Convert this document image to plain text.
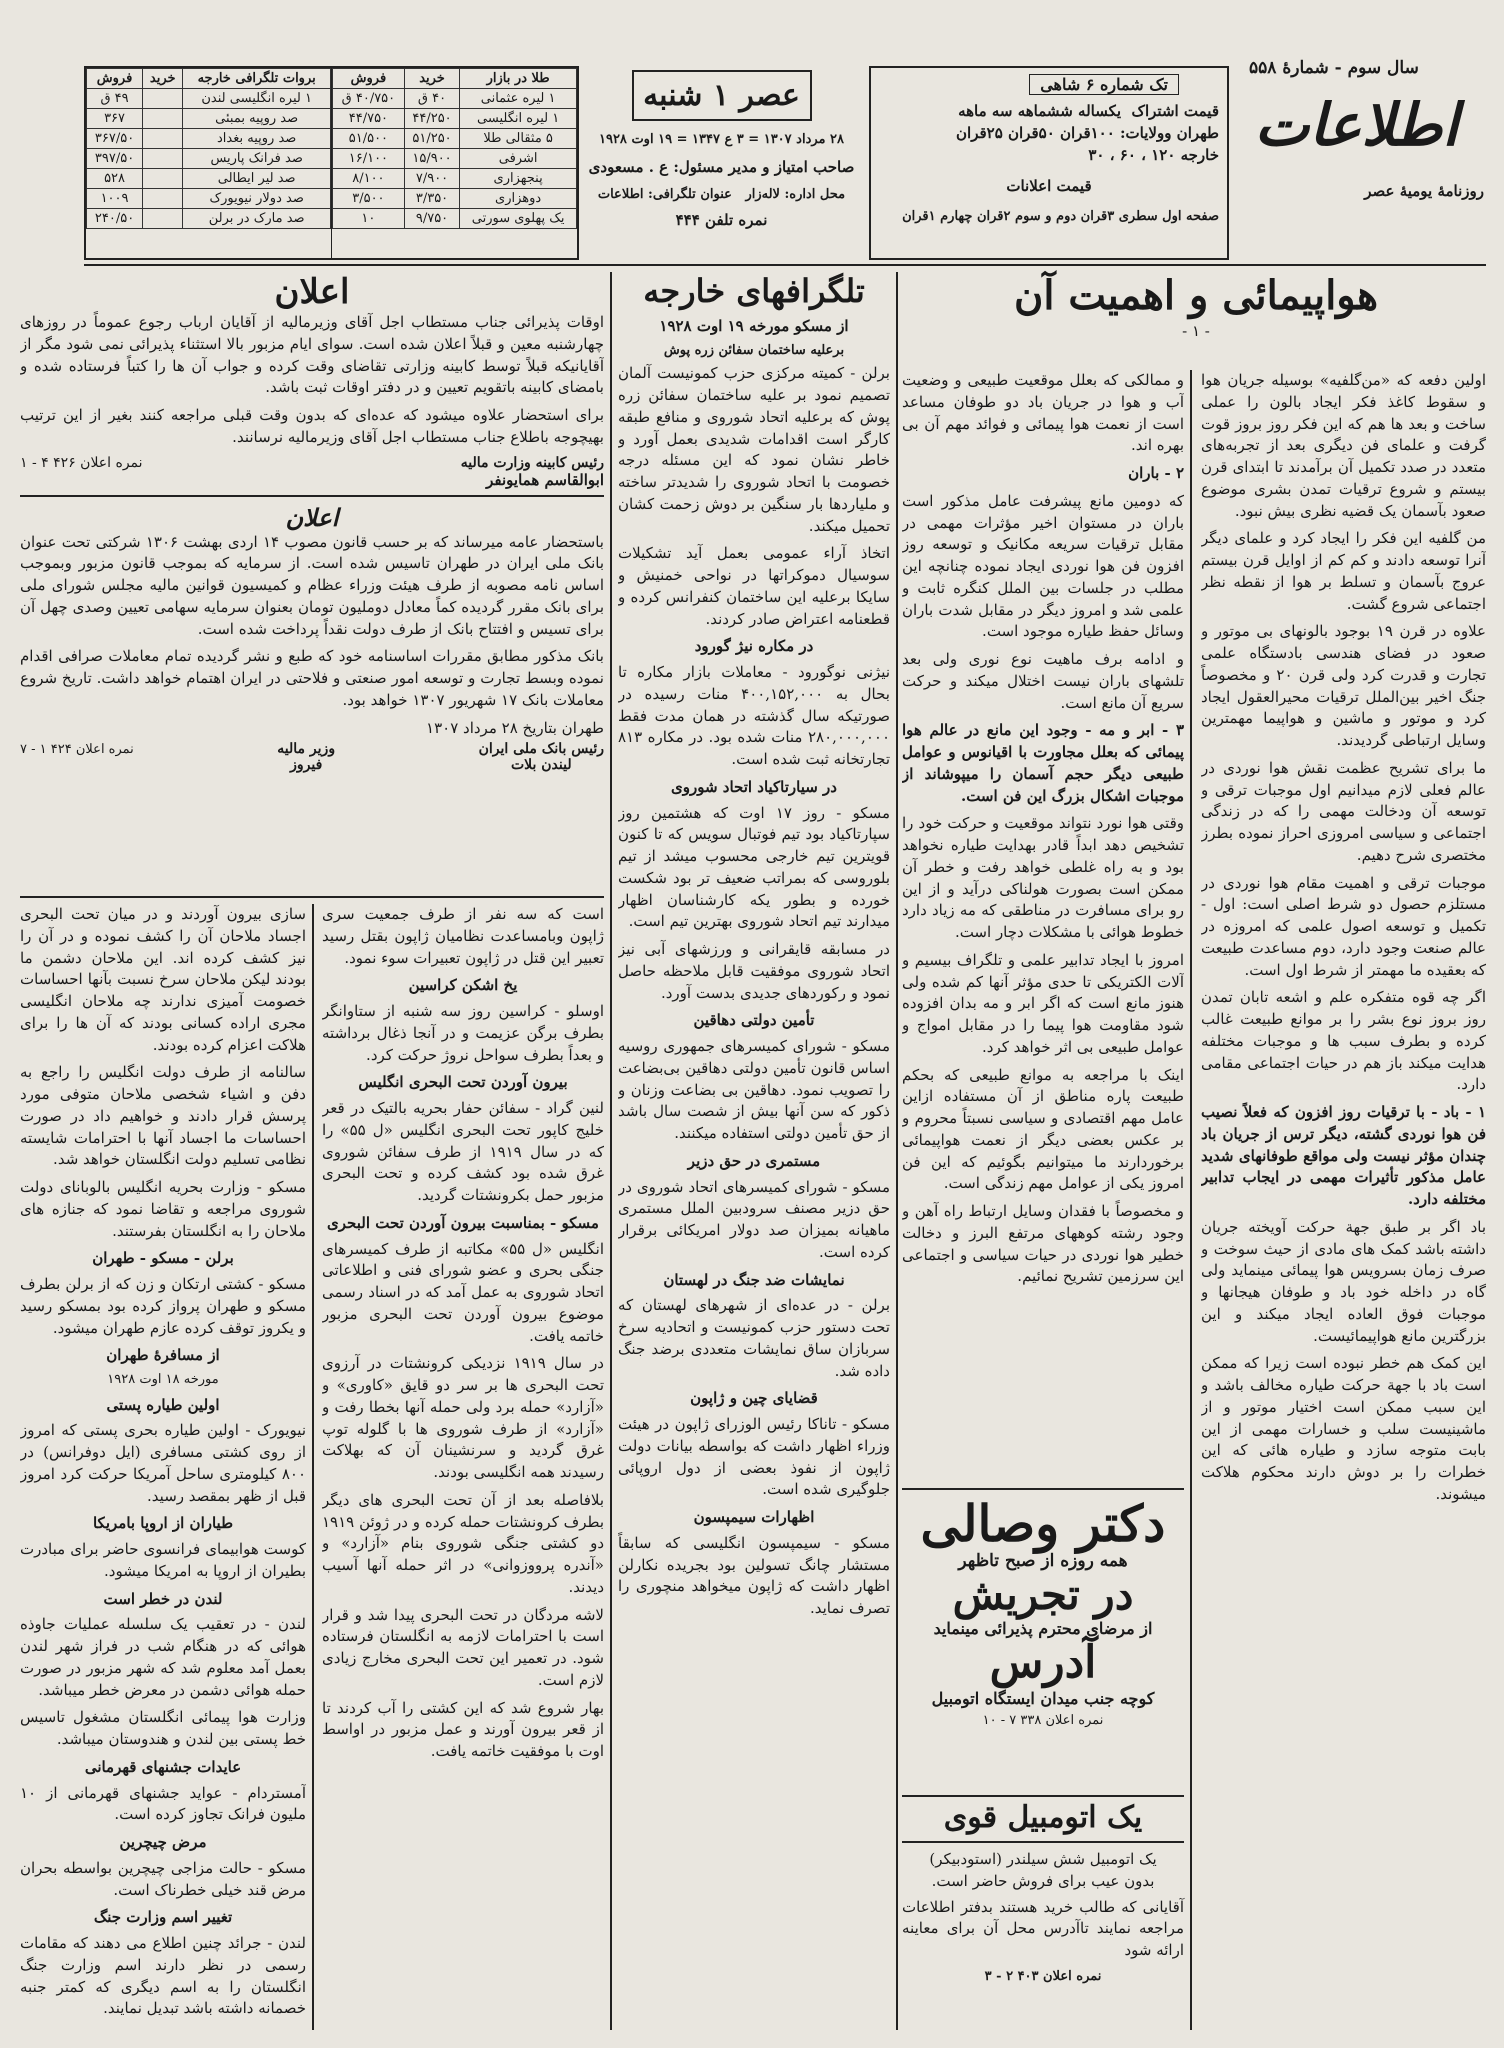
سال سوم - شمارهٔ ۵۵۸
اطلاعات
روزنامهٔ یومیهٔ عصر
تک شماره ۶ شاهی
قیمت اشتراک  یکساله ششماهه سه ماهه
طهران وولایات: ۱۰۰قران ۵۰قران ۲۵قران
خارجه ۱۲۰ ، ۶۰ ، ۳۰
قیمت اعلانات
صفحه اول سطری ۳قران دوم و سوم ۲قران چهارم ۱قران
عصر ۱ شنبه
۲۸ مرداد ۱۳۰۷ = ۳ ع ۱۳۴۷ = ۱۹ اوت ۱۹۲۸
صاحب امتیاز و مدیر مسئول: ع . مسعودی
محل اداره: لاله‌زار   عنوان تلگرافی: اطلاعات
نمره تلفن ۴۴۴
طلا در بازار	خرید	فروش
۱ لیره عثمانی	۴۰ ق	۴۰/۷۵۰ ق
۱ لیره انگلیسی	۴۴/۲۵۰	۴۴/۷۵۰
۵ مثقالی طلا	۵۱/۲۵۰	۵۱/۵۰۰
اشرفی	۱۵/۹۰۰	۱۶/۱۰۰
پنجهزاری	۷/۹۰۰	۸/۱۰۰
دوهزاری	۳/۳۵۰	۳/۵۰۰
یک پهلوی سورتی	۹/۷۵۰	۱۰
بروات تلگرافی خارجه	خرید	فروش
۱ لیره انگلیسی لندن		۴۹ ق
صد روپیه بمبئی		۳۶۷
صد روپیه بغداد		۳۶۷/۵۰
صد فرانک پاریس		۳۹۷/۵۰
صد لیر ایطالی		۵۲۸
صد دولار نیویورک		۱۰۰۹
صد مارک در برلن		۲۴۰/۵۰
هواپیمائی و اهمیت آن
- ۱ -

اولین دفعه که «من‌گلفیه» بوسیله جریان هوا و سقوط کاغذ فکر ایجاد بالون را عملی ساخت و بعد ها هم که این فکر روز بروز قوت گرفت و علمای فن دیگری بعد از تجربه‌های متعدد در صدد تکمیل آن برآمدند تا ابتدای قرن بیستم و شروع ترقیات تمدن بشری موضوع صعود بآسمان یک قضیه نظری بیش نبود.

من گلفیه این فکر را ایجاد کرد و علمای دیگر آنرا توسعه دادند و کم کم از اوایل قرن بیستم عروج بآسمان و تسلط بر هوا از نقطه نظر اجتماعی شروع گشت.

علاوه در قرن ۱۹ بوجود بالونهای بی موتور و صعود در فضای هندسی بادستگاه علمی تجارت و قدرت کرد ولی قرن ۲۰ و مخصوصاً جنگ اخیر بین‌الملل ترقیات محیرالعقول ایجاد کرد و موتور و ماشین و هواپیما مهمترین وسایل ارتباطی گردیدند.

ما برای تشریح عظمت نقش هوا نوردی در عالم فعلی لازم میدانیم اول موجبات ترقی و توسعه آن ودخالت مهمی را که در زندگی اجتماعی و سیاسی امروزی احراز نموده بطرز مختصری شرح دهیم.

موجبات ترقی و اهمیت مقام هوا نوردی در مستلزم حصول دو شرط اصلی است: اول - تکمیل و توسعه اصول علمی که امروزه در عالم صنعت وجود دارد، دوم مساعدت طبیعت که بعقیده ما مهمتر از شرط اول است.

اگر چه قوه متفکره علم و اشعه تابان تمدن روز بروز نوع بشر را بر موانع طبیعت غالب کرده و بطرف سبب ها و موجبات مختلفه هدایت میکند باز هم در حیات اجتماعی مقامی دارد.

۱ - باد - با ترقیات روز افزون که فعلاً نصیب فن هوا نوردی گشته، دیگر ترس از جریان باد چندان مؤثر نیست ولی مواقع طوفانهای شدید عامل مذکور تأثیرات مهمی در ایجاب تدابیر مختلفه دارد.

باد اگر بر طبق جهة حرکت آویخته جریان داشته باشد کمک های مادی از حیث سوخت و صرف زمان بسرویس هوا پیمائی مینماید ولی گاه در داخله خود باد و طوفان هیجانها و موجبات فوق العاده ایجاد میکند و این بزرگترین مانع هواپیمائیست.

این کمک هم خطر نبوده است زیرا که ممکن است باد با جهة حرکت طیاره مخالف باشد و این سبب ممکن است اختیار موتور و از ماشینیست سلب و خسارات مهمی از این بابت متوجه سازد و طیاره هائی که این خطرات را بر دوش دارند محکوم هلاکت میشوند.

و ممالکی که بعلل موقعیت طبیعی و وضعیت آب و هوا در جریان باد دو طوفان مساعد است از نعمت هوا پیمائی و فوائد مهم آن بی بهره اند.

۲ - باران

که دومین مانع پیشرفت عامل مذکور است باران در مستوان اخیر مؤثرات مهمی در مقابل ترقیات سریعه مکانیک و توسعه روز افزون فن هوا نوردی ایجاد نموده چنانچه این مطلب در جلسات بین الملل کنگره ثابت و علمی شد و امروز دیگر در مقابل شدت باران وسائل حفظ طیاره موجود است.

و ادامه برف ماهیت نوع نوری ولی بعد تلشهای باران نیست اختلال میکند و حرکت سریع آن مانع است.

۳ - ابر و مه - وجود این مانع در عالم هوا پیمائی که بعلل مجاورت با اقیانوس و عوامل طبیعی دیگر حجم آسمان را میپوشاند از موجبات اشکال بزرگ این فن است.

وقتی هوا نورد نتواند موقعیت و حرکت خود را تشخیص دهد ابداً قادر بهدایت طیاره نخواهد بود و به راه غلطی خواهد رفت و خطر آن ممکن است بصورت هولناکی درآید و از این رو برای مسافرت در مناطقی که مه زیاد دارد خطوط هوائی با مشکلات دچار است.

امروز با ایجاد تدابیر علمی و تلگراف بیسیم و آلات الکتریکی تا حدی مؤثر آنها کم شده ولی هنوز مانع است که اگر ابر و مه بدان افزوده شود مقاومت هوا پیما را در مقابل امواج و عوامل طبیعی بی اثر خواهد کرد.

اینک با مراجعه به موانع طبیعی که بحکم طبیعت پاره مناطق از آن مستفاده ازاین عامل مهم اقتصادی و سیاسی نسبتاً محروم و بر عکس بعضی دیگر از نعمت هواپیمائی برخوردارند ما میتوانیم بگوئیم که این فن امروز یکی از عوامل مهم زندگی است.

و مخصوصاً با فقدان وسایل ارتباط راه آهن و وجود رشته کوههای مرتفع البرز و دخالت خطیر هوا نوردی در حیات سیاسی و اجتماعی این سرزمین تشریح نمائیم.

دکتر وصالی
همه روزه از صبح تاظهر
در تجریش
از مرضای محترم پذیرائی مینماید
آدرس
کوچه جنب میدان ایستگاه اتومبیل
نمره اعلان ۳۳۸ ۷ - ۱۰
یک اتومبیل قوی
یک اتومبیل شش سیلندر (استودبیکر)
بدون عیب برای فروش حاضر است.
آقایانی که طالب خرید هستند بدفتر اطلاعات مراجعه نمایند تاآدرس محل آن برای معاینه ارائه شود
نمره اعلان ۴۰۳ ۲ - ۳
تلگرافهای خارجه
از مسکو مورخه ۱۹ اوت ۱۹۲۸
برعلیه ساختمان سفائن زره پوش

برلن - کمیته مرکزی حزب کمونیست آلمان تصمیم نمود بر علیه ساختمان سفائن زره پوش که برعلیه اتحاد شوروی و منافع طبقه کارگر است اقدامات شدیدی بعمل آورد و خاطر نشان نمود که این مسئله درجه خصومت با اتحاد شوروی را شدیدتر ساخته و ملیاردها بار سنگین بر دوش زحمت کشان تحمیل میکند.

اتخاذ آراء عمومی بعمل آید تشکیلات سوسیال دموکراتها در نواحی خمنیش و سایکا برعلیه این ساختمان کنفرانس کرده و قطعنامه اعتراض صادر کردند.

در مکاره نیژ گورود

نیژنی نوگورود - معاملات بازار مکاره تا بحال به ۴۰۰,۱۵۲,۰۰۰ منات رسیده در صورتیکه سال گذشته در همان مدت فقط ۲۸۰,۰۰۰,۰۰۰ منات شده بود. در مکاره ۸۱۳ تجارتخانه ثبت شده است.

در سیارتاکیاد اتحاد شوروی

مسکو - روز ۱۷ اوت که هشتمین روز سپارتاکیاد بود تیم فوتبال سویس که تا کنون قویترین تیم خارجی محسوب میشد از تیم بلوروسی که بمراتب ضعیف تر بود شکست خورده و بطور یکه کارشناسان اظهار میدارند تیم اتحاد شوروی بهترین تیم است.

در مسابقه قایقرانی و ورزشهای آبی نیز اتحاد شوروی موفقیت قابل ملاحظه حاصل نمود و رکوردهای جدیدی بدست آورد.

تأمین دولتی دهاقین

مسکو - شورای کمیسرهای جمهوری روسیه اساس قانون تأمین دولتی دهاقین بی‌بضاعت را تصویب نمود. دهاقین بی بضاعت وزنان و ذکور که سن آنها بیش از شصت سال باشد از حق تأمین دولتی استفاده میکنند.

مستمری در حق دزیر

مسکو - شورای کمیسرهای اتحاد شوروی در حق دزیر مصنف سرودبین الملل مستمری ماهیانه بمیزان صد دولار امریکائی برقرار کرده است.

نمایشات ضد جنگ در لهستان

برلن - در عده‌ای از شهرهای لهستان که تحت دستور حزب کمونیست و اتحادیه سرخ سربازان ساق نمایشات متعددی برضد جنگ داده شد.

قضایای چین و ژاپون

مسکو - تاناکا رئیس الوزرای ژاپون در هیئت وزراء اظهار داشت که بواسطه بیانات دولت ژاپون از نفوذ بعضی از دول اروپائی جلوگیری شده است.

اظهارات سیمپسون

مسکو - سیمپسون انگلیسی که سابقاً مستشار چانگ تسولین بود بجریده نکارلن اظهار داشت که ژاپون میخواهد منچوری را تصرف نماید.

اعلان

اوقات پذیرائی جناب مستطاب اجل آقای وزیرمالیه از آقایان ارباب رجوع عموماً در روزهای چهارشنبه معین و قبلاً اعلان شده است. سوای ایام مزبور بالا استثناء پذیرائی نمی شود مگر از آقایانیکه قبلاً توسط کابینه وزارتی تقاضای وقت کرده و جواب آن ها را کتباً فرستاده شده و بامضای کابینه باتقویم تعیین و در دفتر اوقات ثبت باشد.

برای استحضار علاوه میشود که عده‌ای که بدون وقت قبلی مراجعه کنند بغیر از این ترتیب بهیچوجه باطلاع جناب مستطاب اجل آقای وزیرمالیه نرسانند.

رئیس کابینه وزارت مالیه
نمره اعلان ۴۲۶ ۴ - ۱
ابوالقاسم همایونفر
اعلان

باستحضار عامه میرساند که بر حسب قانون مصوب ۱۴ اردی بهشت ۱۳۰۶ شرکتی تحت عنوان بانک ملی ایران در طهران تاسیس شده است. از سرمایه که بموجب قانون مزبور وبموجب اساس نامه مصوبه از طرف هیئت وزراء عظام و کمیسیون قوانین مالیه مجلس شورای ملی برای بانک مقرر گردیده کماً معادل دوملیون تومان بعنوان سرمایه سهامی تعیین وصدی چهل آن برای تسیس و افتتاح بانک از طرف دولت نقداً پرداخت شده است.

بانک مذکور مطابق مقررات اساسنامه خود که طبع و نشر گردیده تمام معاملات صرافی اقدام نموده وبسط تجارت و توسعه امور صنعتی و فلاحتی در ایران اهتمام خواهد داشت. تاریخ شروع معاملات بانک ۱۷ شهریور ۱۳۰۷ خواهد بود.

طهران بتاریخ ۲۸ مرداد ۱۳۰۷
رئیس بانک ملی ایران
لیندن بلات
وزیر مالیه
فیروز
نمره اعلان ۴۲۴ ۱ - ۷

است که سه نفر از طرف جمعیت سری ژاپون وبامساعدت نظامیان ژاپون بقتل رسید تعبیر این قتل در ژاپون تعبیرات سوء نمود.

یخ اشکن کراسین

اوسلو - کراسین روز سه شنبه از ستاوانگر بطرف برگن عزیمت و در آنجا ذغال برداشته و بعداً بطرف سواحل نروژ حرکت کرد.

بیرون آوردن تحت البحری انگلیس

لنین گراد - سفائن حفار بحریه بالتیک در قعر خلیج کاپور تحت البحری انگلیس «ل ۵۵» را که در سال ۱۹۱۹ از طرف سفائن شوروی غرق شده بود کشف کرده و تحت البحری مزبور حمل بکرونشتات گردید.

مسکو - بمناسبت بیرون آوردن تحت البحری

انگلیس «ل ۵۵» مکاتبه از طرف کمیسرهای جنگی بحری و عضو شورای فنی و اطلاعاتی اتحاد شوروی به عمل آمد که در اسناد رسمی موضوع بیرون آوردن تحت البحری مزبور خاتمه یافت.

در سال ۱۹۱۹ نزدیکی کرونشتات در آرزوی تحت البحری ها بر سر دو قایق «کاوری» و «آزارد» حمله برد ولی حمله آنها بخطا رفت و «آزارد» از طرف شوروی ها با گلوله توپ غرق گردید و سرنشینان آن که بهلاکت رسیدند همه انگلیسی بودند.

بلافاصله بعد از آن تحت البحری های دیگر بطرف کرونشتات حمله کرده و در ژوئن ۱۹۱۹ دو کشتی جنگی شوروی بنام «آزارد» و «آندره‌ پرووزوانی» در اثر حمله آنها آسیب دیدند.

لاشه مردگان در تحت البحری پیدا شد و قرار است با احترامات لازمه به انگلستان فرستاده شود. در تعمیر این تحت البحری مخارج زیادی لازم است.

بهار شروع شد که این کشتی را آب کردند تا از قعر بیرون آورند و عمل مزبور در اواسط اوت با موفقیت خاتمه یافت.

سازی بیرون آوردند و در میان تحت البحری اجساد ملاحان آن را کشف نموده و در آن را نیز کشف کرده اند. این ملاحان دشمن ما بودند لیکن ملاحان سرخ نسبت بآنها احساسات خصومت آمیزی ندارند چه ملاحان انگلیسی مجری اراده کسانی بودند که آن ها را برای هلاکت اعزام کرده بودند.

سالنامه از طرف دولت انگلیس را راجع به دفن و اشیاء شخصی ملاحان متوفی مورد پرسش قرار دادند و خواهیم داد در صورت احساسات ما اجساد آنها با احترامات شایسته نظامی تسلیم دولت انگلستان خواهد شد.

مسکو - وزارت بحریه انگلیس بالوبانای دولت شوروی مراجعه و تقاضا نمود که جنازه های ملاحان را به انگلستان بفرستند.

برلن - مسکو - طهران

مسکو - کشتی ارتکان و زن که از برلن بطرف مسکو و طهران پرواز کرده بود بمسکو رسید و یکروز توقف کرده عازم طهران میشود.

از مسافرهٔ طهران
مورخه ۱۸ اوت ۱۹۲۸
اولین طیاره پستی

نیویورک - اولین طیاره بحری پستی که امروز از روی کشتی مسافری (ایل دوفرانس) در ۸۰۰ کیلومتری ساحل آمریکا حرکت کرد امروز قبل از ظهر بمقصد رسید.

طیاران از اروپا بامریکا

کوست هوابیمای فرانسوی حاضر برای مبادرت بطیران از اروپا به امریکا میشود.

لندن در خطر است

لندن - در تعقیب یک سلسله عملیات جاوذه هوائی که در هنگام شب در فراز شهر لندن بعمل آمد معلوم شد که شهر مزبور در صورت حمله هوائی دشمن در معرض خطر میباشد.

وزارت هوا پیمائی انگلستان مشغول تاسیس خط پستی بین لندن و هندوستان میباشد.

عایدات جشنهای قهرمانی

آمستردام - عواید جشنهای قهرمانی از ۱۰ ملیون فرانک تجاوز کرده است.

مرض چیچرین

مسکو - حالت مزاجی چیچرین بواسطه بحران مرض قند خیلی خطرناک است.

تغییر اسم وزارت جنگ

لندن - جرائد چنین اطلاع می دهند که مقامات رسمی در نظر دارند اسم وزارت جنگ انگلستان را به اسم دیگری که کمتر جنبه خصمانه داشته باشد تبدیل نمایند.
